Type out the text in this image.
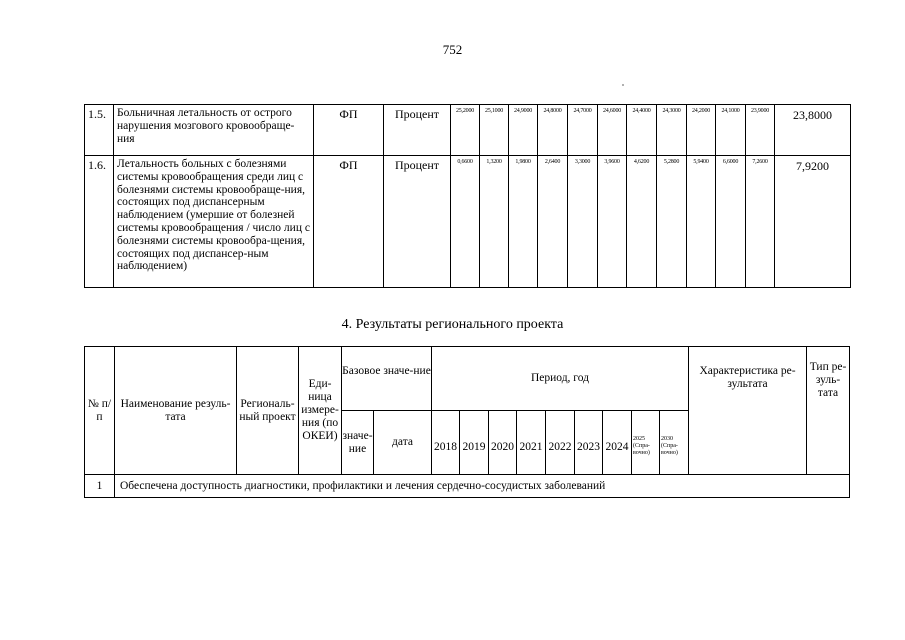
752
1.5.	Больничная летальность от острого нарушения мозгового кровообраще-ния	ФП	Процент	25,2000	25,1000	24,9000	24,8000	24,7000	24,6000	24,4000	24,3000	24,2000	24,1000	23,9000	23,8000
1.6.	Летальность больных с болезнями системы кровообращения среди лиц с болезнями системы кровообраще-ния, состоящих под диспансерным наблюдением (умершие от болезней системы кровообращения / число лиц с болезнями системы кровообра-щения, состоящих под диспансер-ным наблюдением)	ФП	Процент	0,6600	1,3200	1,9800	2,6400	3,3000	3,9600	4,6200	5,2800	5,9400	6,6000	7,2600	7,9200
4. Результаты регионального проекта
№ п/п	Наименование резуль-тата	Региональ-ный проект	Еди-ница измере-ния (по ОКЕИ)	Базовое значе-ние		Период, год									Характеристика ре-зультата	Тип ре-зуль-тата
				значе-ние	дата	2018	2019	2020	2021	2022	2023	2024	2025 (Спра-вочно)	2030 (Спра-вочно)		
1	Обеспечена доступность диагностики, профилактики и лечения сердечно-сосудистых заболеваний															
